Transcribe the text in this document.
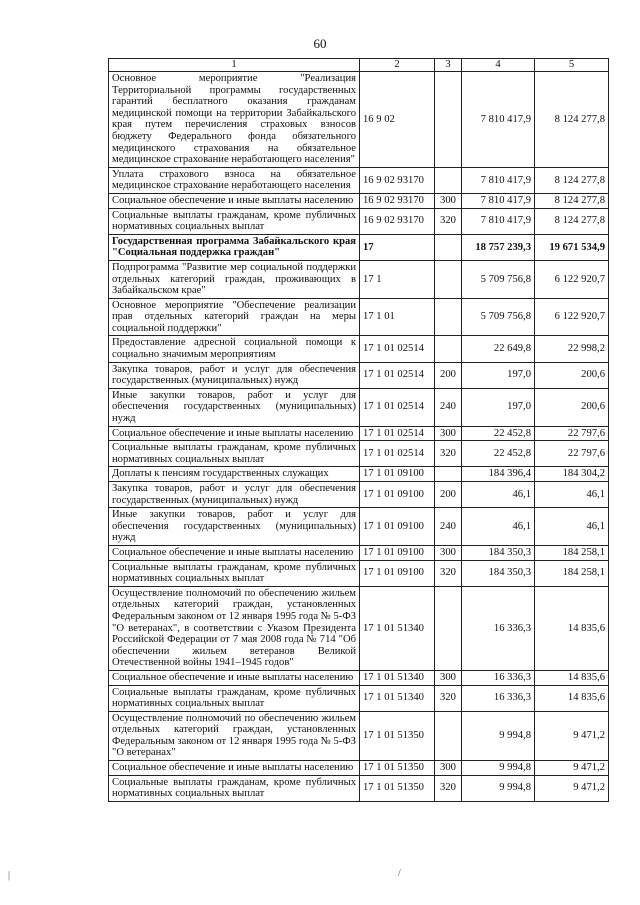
60
1	2	3	4	5
Основное мероприятие "Реализация Территориальной программы государственных гарантий бесплатного оказания гражданам медицинской помощи на территории Забайкальского края путем перечисления страховых взносов бюджету Федерального фонда обязательного медицинского страхования на обязательное медицинское страхование неработающего населения"	16 9 02		7 810 417,9	8 124 277,8
Уплата страхового взноса на обязательное медицинское страхование неработающего населения	16 9 02 93170		7 810 417,9	8 124 277,8
Социальное обеспечение и иные выплаты населению	16 9 02 93170	300	7 810 417,9	8 124 277,8
Социальные выплаты гражданам, кроме публичных нормативных социальных выплат	16 9 02 93170	320	7 810 417,9	8 124 277,8
Государственная программа Забайкальского края "Социальная поддержка граждан"	17		18 757 239,3	19 671 534,9
Подпрограмма "Развитие мер социальной поддержки отдельных категорий граждан, проживающих в Забайкальском крае"	17 1		5 709 756,8	6 122 920,7
Основное мероприятие "Обеспечение реализации прав отдельных категорий граждан на меры социальной поддержки"	17 1 01		5 709 756,8	6 122 920,7
Предоставление адресной социальной помощи к социально значимым мероприятиям	17 1 01 02514		22 649,8	22 998,2
Закупка товаров, работ и услуг для обеспечения государственных (муниципальных) нужд	17 1 01 02514	200	197,0	200,6
Иные закупки товаров, работ и услуг для обеспечения государственных (муниципальных) нужд	17 1 01 02514	240	197,0	200,6
Социальное обеспечение и иные выплаты населению	17 1 01 02514	300	22 452,8	22 797,6
Социальные выплаты гражданам, кроме публичных нормативных социальных выплат	17 1 01 02514	320	22 452,8	22 797,6
Доплаты к пенсиям государственных служащих	17 1 01 09100		184 396,4	184 304,2
Закупка товаров, работ и услуг для обеспечения государственных (муниципальных) нужд	17 1 01 09100	200	46,1	46,1
Иные закупки товаров, работ и услуг для обеспечения государственных (муниципальных) нужд	17 1 01 09100	240	46,1	46,1
Социальное обеспечение и иные выплаты населению	17 1 01 09100	300	184 350,3	184 258,1
Социальные выплаты гражданам, кроме публичных нормативных социальных выплат	17 1 01 09100	320	184 350,3	184 258,1
Осуществление полномочий по обеспечению жильем отдельных категорий граждан, установленных Федеральным законом от 12 января 1995 года № 5-ФЗ "О ветеранах", в соответствии с Указом Президента Российской Федерации от 7 мая 2008 года № 714 "Об обеспечении жильем ветеранов Великой Отечественной войны 1941–1945 годов"	17 1 01 51340		16 336,3	14 835,6
Социальное обеспечение и иные выплаты населению	17 1 01 51340	300	16 336,3	14 835,6
Социальные выплаты гражданам, кроме публичных нормативных социальных выплат	17 1 01 51340	320	16 336,3	14 835,6
Осуществление полномочий по обеспечению жильем отдельных категорий граждан, установленных Федеральным законом от 12 января 1995 года № 5-ФЗ "О ветеранах"	17 1 01 51350		9 994,8	9 471,2
Социальное обеспечение и иные выплаты населению	17 1 01 51350	300	9 994,8	9 471,2
Социальные выплаты гражданам, кроме публичных нормативных социальных выплат	17 1 01 51350	320	9 994,8	9 471,2
|	/
